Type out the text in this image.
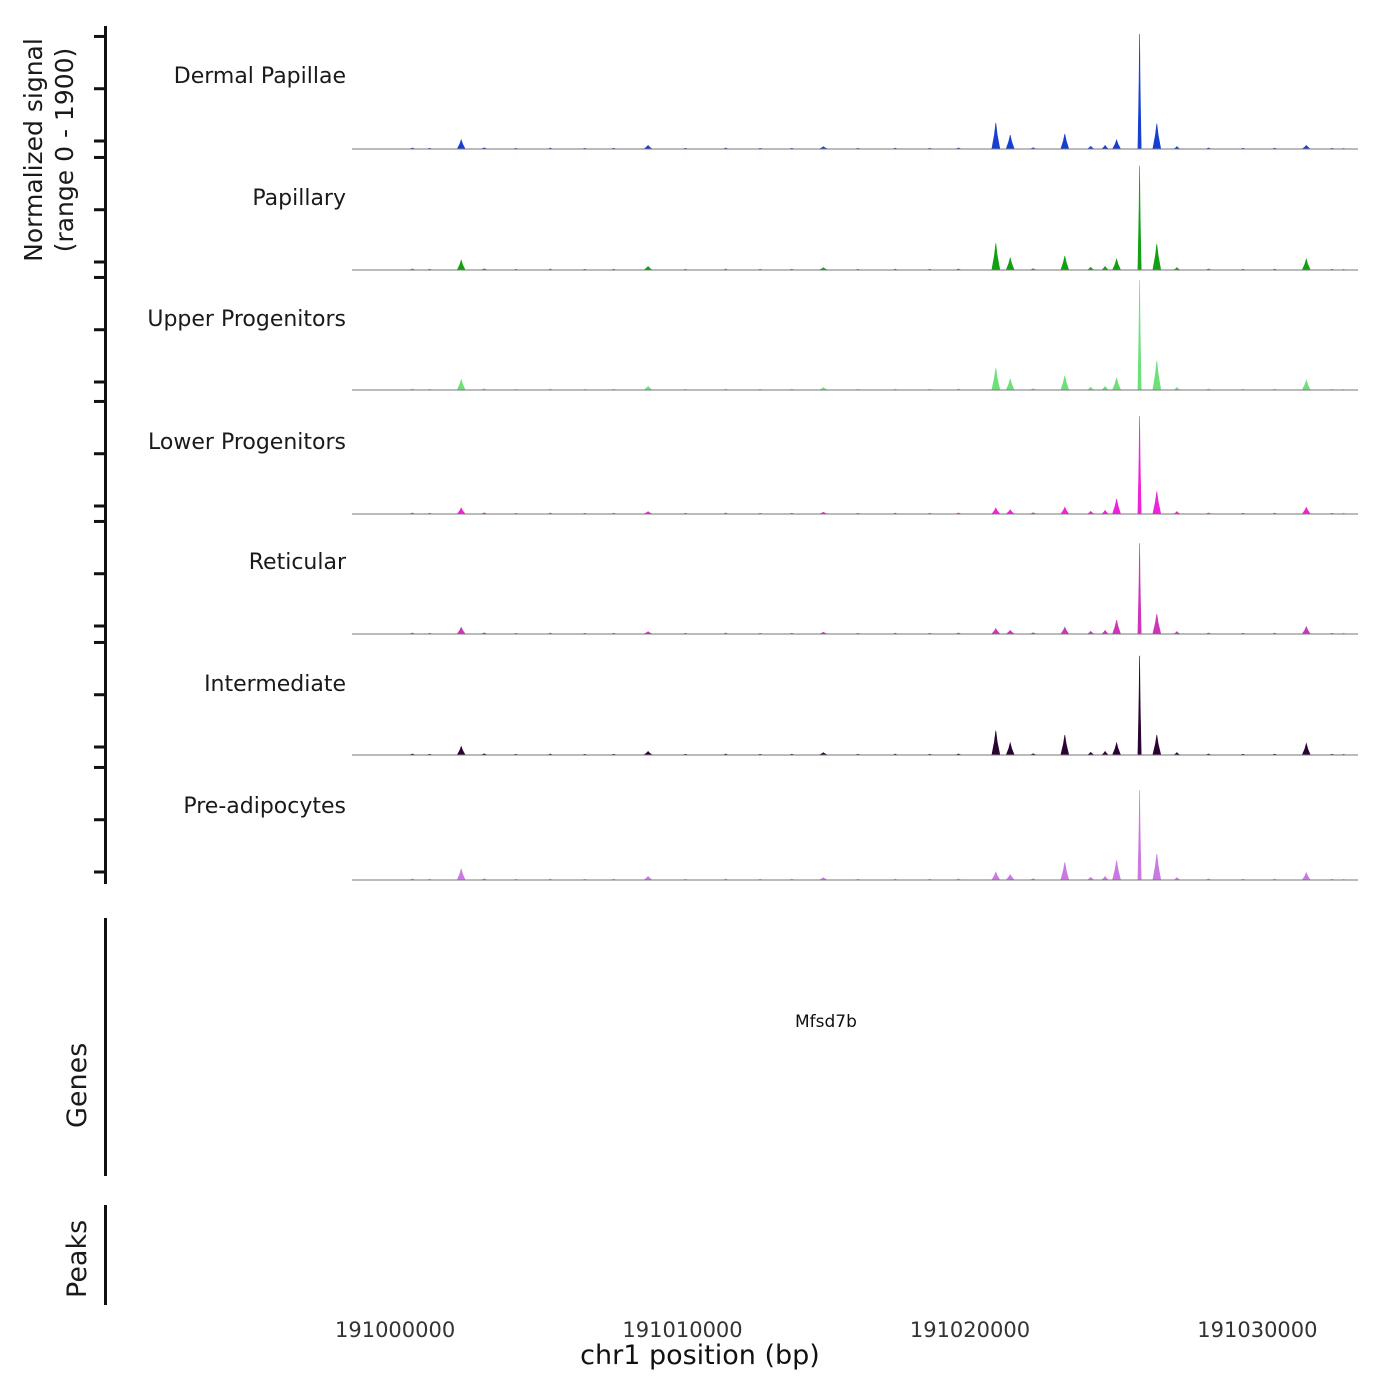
Normalized signal (range 0 - 1900)
Genes
Peaks
Dermal Papillae
Papillary
Upper Progenitors
Lower Progenitors
Reticular
Intermediate
Pre-adipocytes
Mfsd7b
191000000	191010000	191020000	191030000
chr1 position (bp)
